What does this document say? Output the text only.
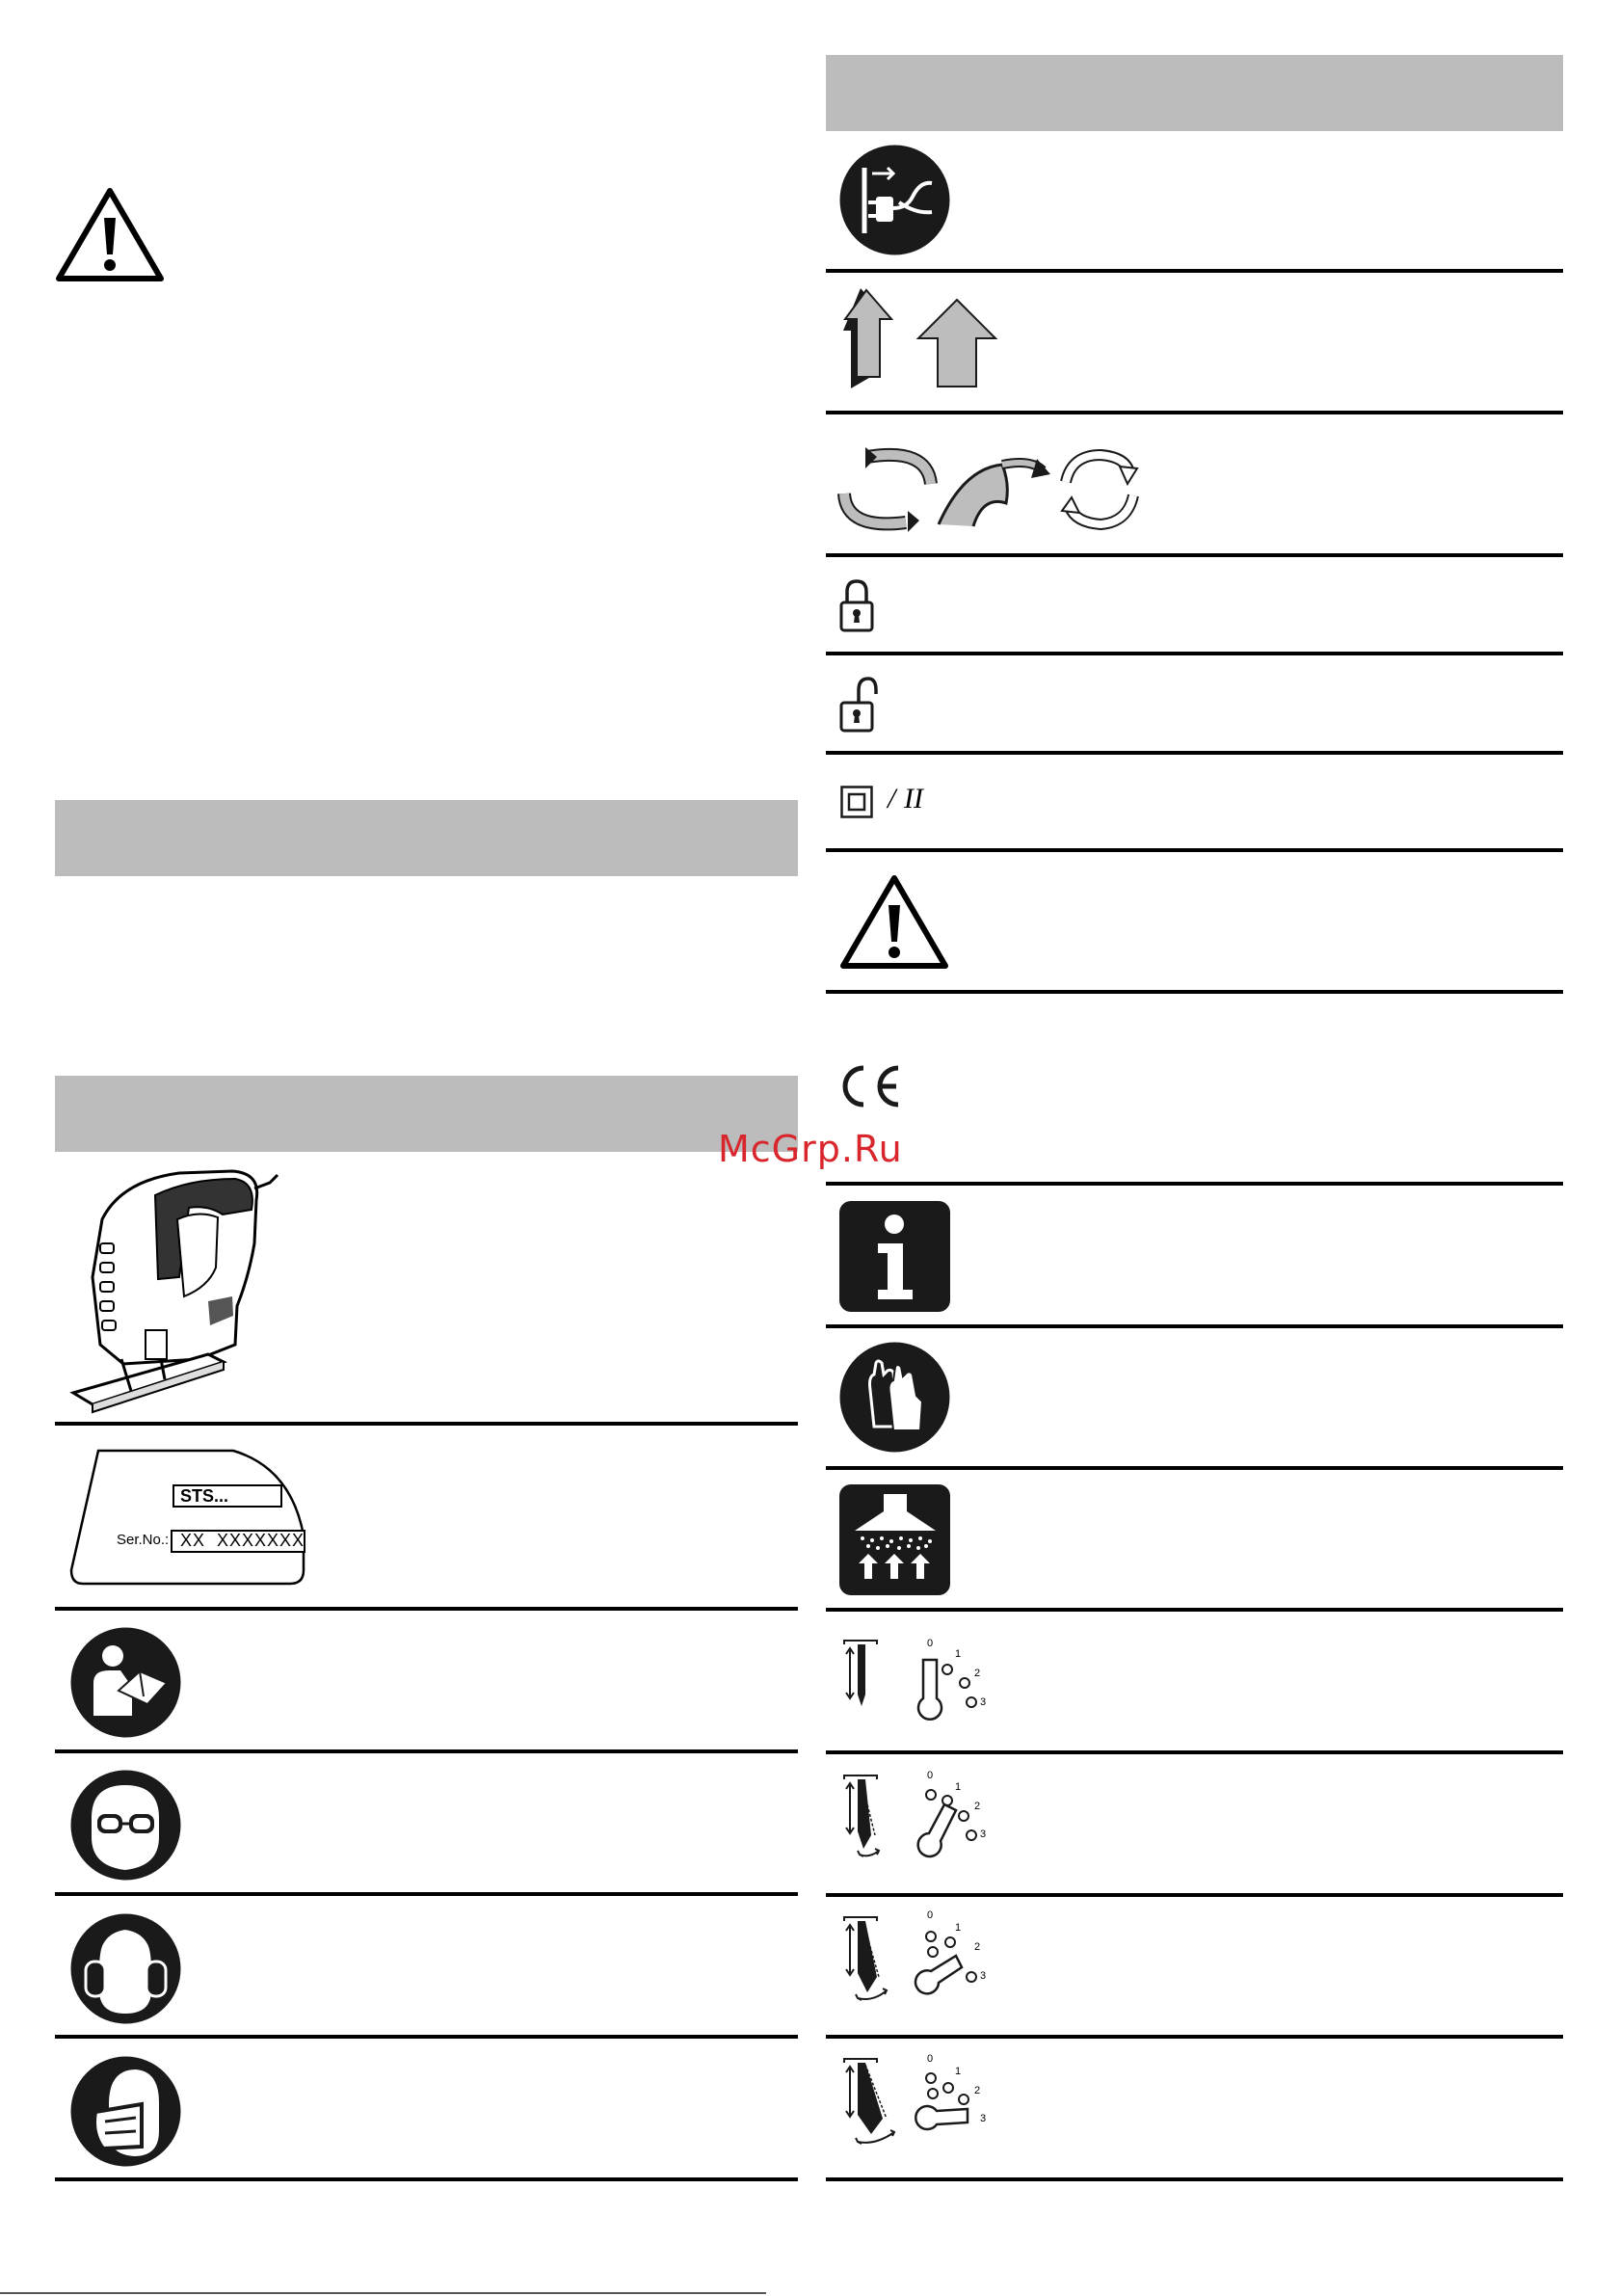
STS...
Ser.No.: XX  XXXXXXX
/ II
McGrp.Ru
0
1
2
3
0
1
2
3
0
1
2
3
0
1
2
3
